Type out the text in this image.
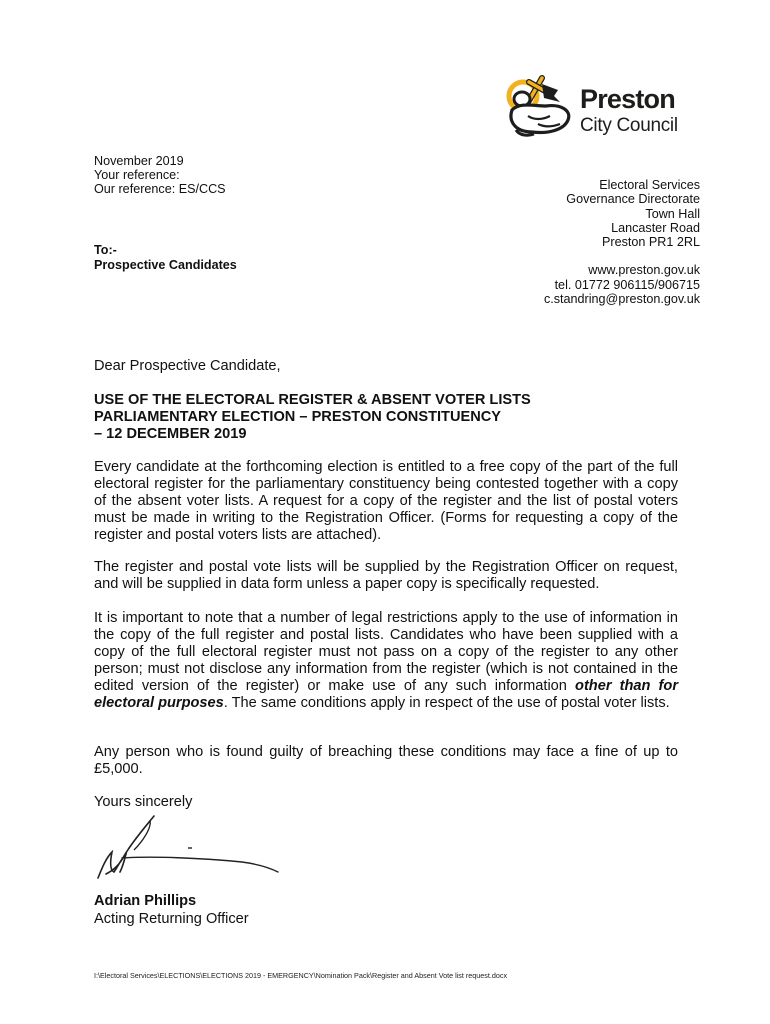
Preston
City Council
November 2019
Your reference:
Our reference: ES/CCS	Electoral Services
Governance Directorate
Town Hall
Lancaster Road
Preston PR1 2RL
www.preston.gov.uk
tel. 01772 906115/906715
c.standring@preston.gov.uk
To:-
Prospective Candidates
Dear Prospective Candidate,
USE OF THE ELECTORAL REGISTER & ABSENT VOTER LISTS
PARLIAMENTARY ELECTION – PRESTON CONSTITUENCY
– 12 DECEMBER 2019
Every candidate at the forthcoming election is entitled to a free copy of the part of the full electoral register for the parliamentary constituency being contested together with a copy of the absent voter lists. A request for a copy of the register and the list of postal voters must be made in writing to the Registration Officer. (Forms for requesting a copy of the register and postal voters lists are attached).
The register and postal vote lists will be supplied by the Registration Officer on request, and will be supplied in data form unless a paper copy is specifically requested.
It is important to note that a number of legal restrictions apply to the use of information in the copy of the full register and postal lists. Candidates who have been supplied with a copy of the full electoral register must not pass on a copy of the register to any other person; must not disclose any information from the register (which is not contained in the edited version of the register) or make use of any such information other than for electoral purposes. The same conditions apply in respect of the use of postal voter lists.
Any person who is found guilty of breaching these conditions may face a fine of up to £5,000.
Yours sincerely
Adrian Phillips
Acting Returning Officer
I:\Electoral Services\ELECTIONS\ELECTIONS 2019 - EMERGENCY\Nomination Pack\Register and Absent Vote list request.docx
